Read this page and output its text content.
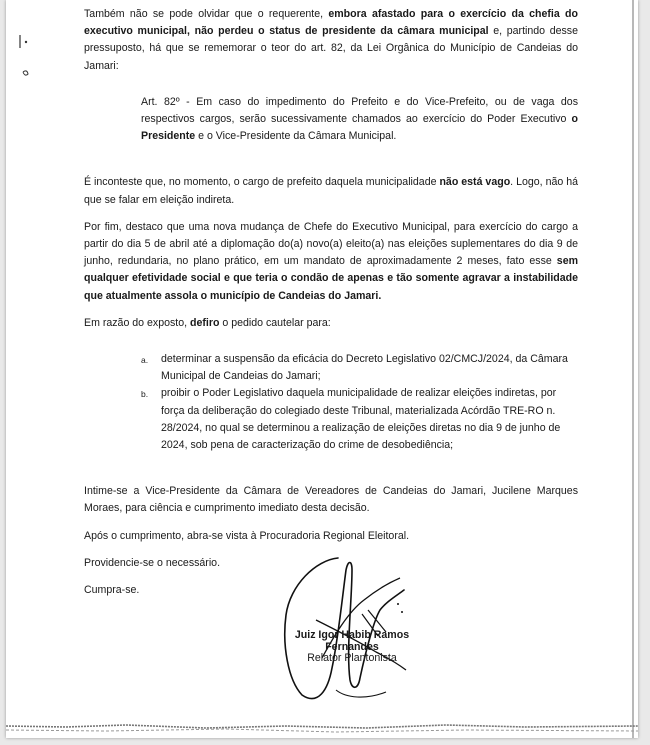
Também não se pode olvidar que o requerente, embora afastado para o exercício da chefia do executivo municipal, não perdeu o status de presidente da câmara municipal e, partindo desse pressuposto, há que se rememorar o teor do art. 82, da Lei Orgânica do Município de Candeias do Jamari:

Art. 82º - Em caso do impedimento do Prefeito e do Vice-Prefeito, ou de vaga dos respectivos cargos, serão sucessivamente chamados ao exercício do Poder Executivo o Presidente e o Vice-Presidente da Câmara Municipal.

É inconteste que, no momento, o cargo de prefeito daquela municipalidade não está vago. Logo, não há que se falar em eleição indireta.

Por fim, destaco que uma nova mudança de Chefe do Executivo Municipal, para exercício do cargo a partir do dia 5 de abril até a diplomação do(a) novo(a) eleito(a) nas eleições suplementares do dia 9 de junho, redundaria, no plano prático, em um mandato de aproximadamente 2 meses, fato esse sem qualquer efetividade social e que teria o condão de apenas e tão somente agravar a instabilidade que atualmente assola o município de Candeias do Jamari.

Em razão do exposto, defiro o pedido cautelar para:

a. determinar a suspensão da eficácia do Decreto Legislativo 02/CMCJ/2024, da Câmara Municipal de Candeias do Jamari;

b. proibir o Poder Legislativo daquela municipalidade de realizar eleições indiretas, por força da deliberação do colegiado deste Tribunal, materializada Acórdão TRE-RO n. 28/2024, no qual se determinou a realização de eleições diretas no dia 9 de junho de 2024, sob pena de caracterização do crime de desobediência;

Intime-se a Vice-Presidente da Câmara de Vereadores de Candeias do Jamari, Jucilene Marques Moraes, para ciência e cumprimento imediato desta decisão.

Após o cumprimento, abra-se vista à Procuradoria Regional Eleitoral.

Providencie-se o necessário.

Cumpra-se.

Juiz Igor Habib Ramos Fernandes
Relator Plantonista
